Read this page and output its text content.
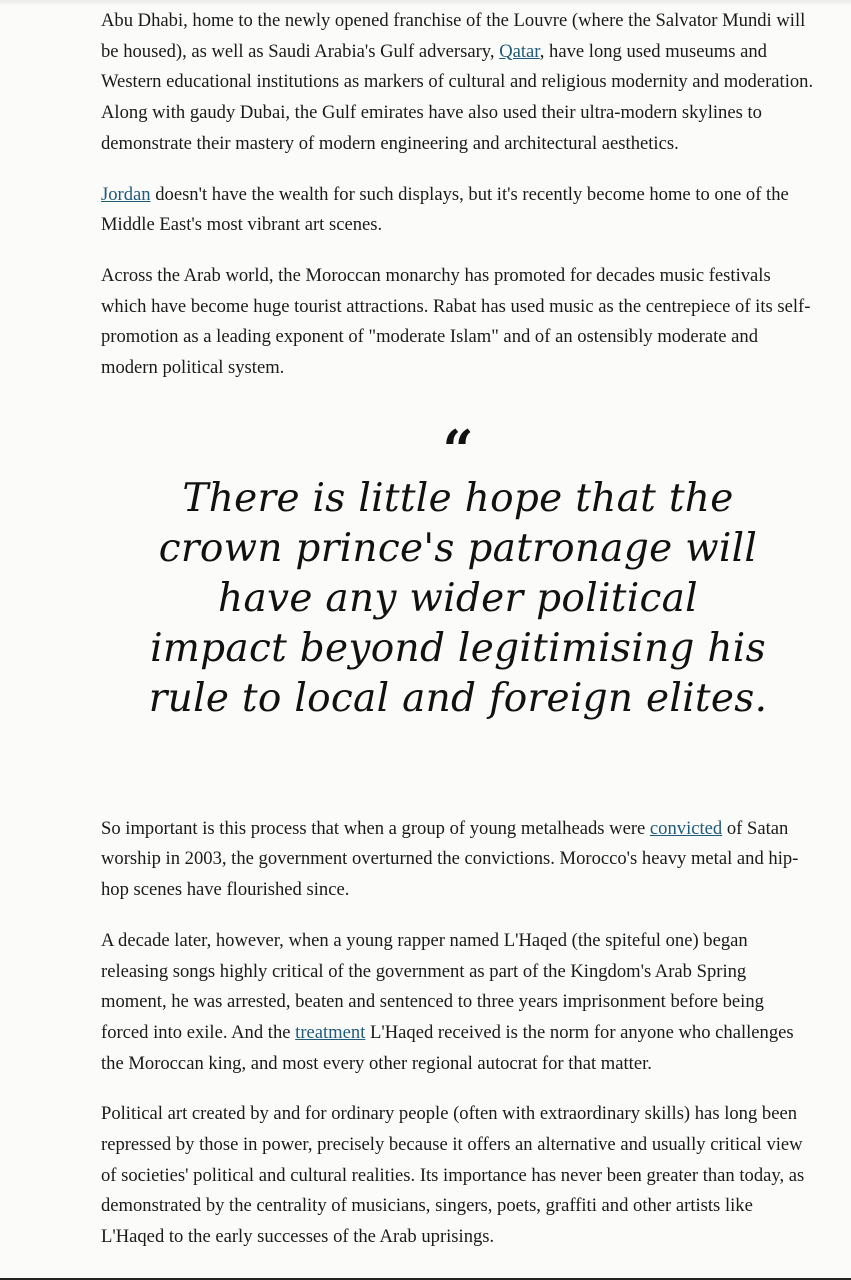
Abu Dhabi, home to the newly opened franchise of the Louvre (where the Salvator Mundi will be housed), as well as Saudi Arabia's Gulf adversary, Qatar, have long used museums and Western educational institutions as markers of cultural and religious modernity and moderation. Along with gaudy Dubai, the Gulf emirates have also used their ultra-modern skylines to demonstrate their mastery of modern engineering and architectural aesthetics.

Jordan doesn't have the wealth for such displays, but it's recently become home to one of the Middle East's most vibrant art scenes.

Across the Arab world, the Moroccan monarchy has promoted for decades music festivals which have become huge tourist attractions. Rabat has used music as the centrepiece of its self-promotion as a leading exponent of "moderate Islam" and of an ostensibly moderate and modern political system.

“
There is little hope that the crown prince's patronage will have any wider political impact beyond legitimising his rule to local and foreign elites.

So important is this process that when a group of young metalheads were convicted of Satan worship in 2003, the government overturned the convictions. Morocco's heavy metal and hip-hop scenes have flourished since.

A decade later, however, when a young rapper named L'Haqed (the spiteful one) began releasing songs highly critical of the government as part of the Kingdom's Arab Spring moment, he was arrested, beaten and sentenced to three years imprisonment before being forced into exile. And the treatment L'Haqed received is the norm for anyone who challenges the Moroccan king, and most every other regional autocrat for that matter.

Political art created by and for ordinary people (often with extraordinary skills) has long been repressed by those in power, precisely because it offers an alternative and usually critical view of societies' political and cultural realities. Its importance has never been greater than today, as demonstrated by the centrality of musicians, singers, poets, graffiti and other artists like L'Haqed to the early successes of the Arab uprisings.
